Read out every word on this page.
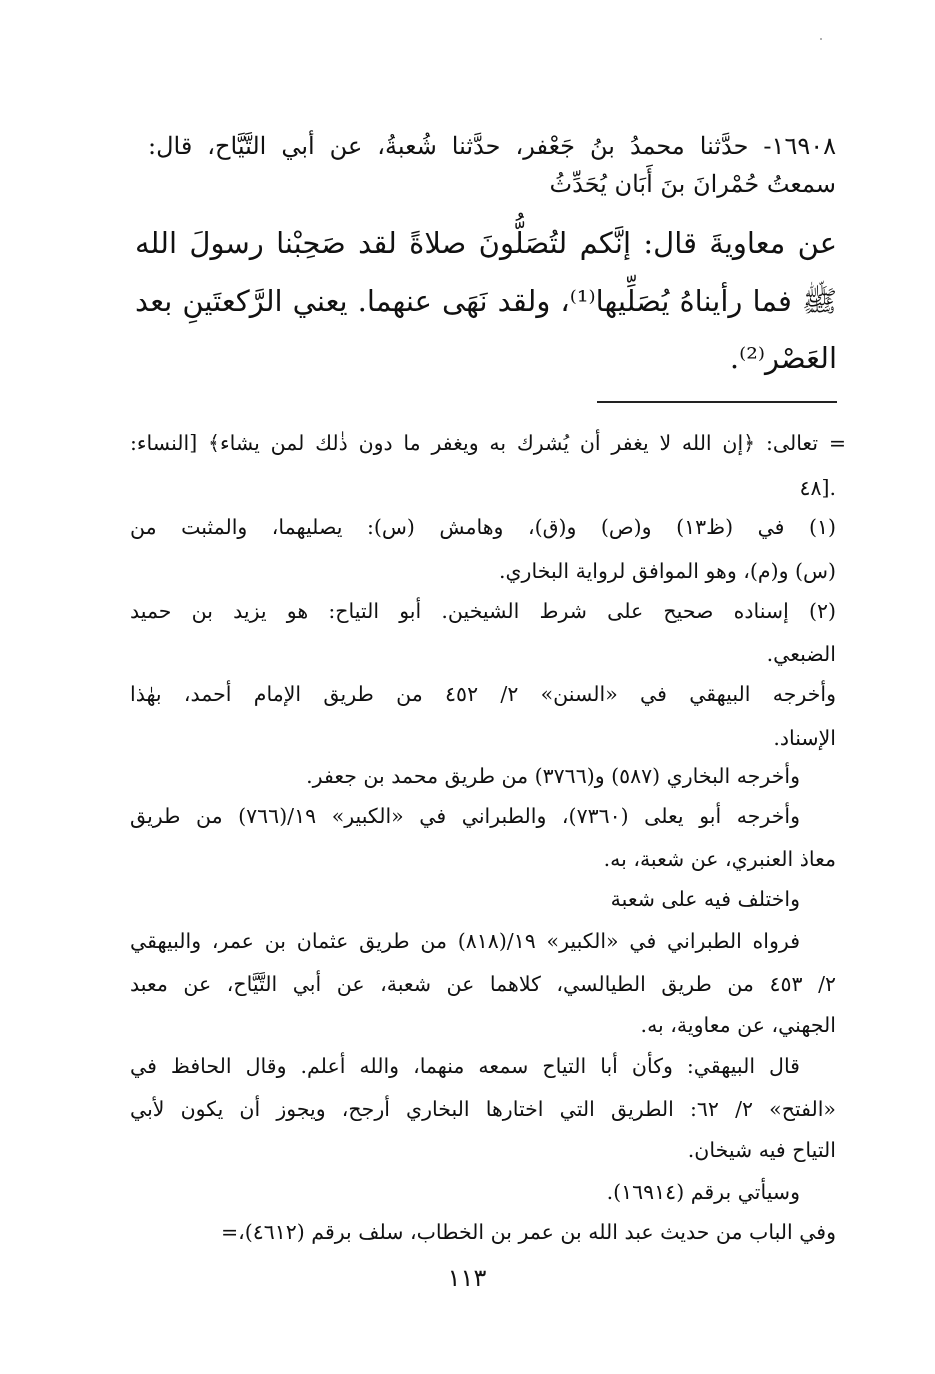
١٦٩٠٨- حدَّثنا محمدُ بنُ جَعْفر، حدَّثنا شُعبةُ، عن أبي التَّيَّاح، قال:
سمعتُ حُمْرانَ بنَ أَبَان يُحَدِّثُ
عن معاويةَ قال: إنَّكم لتُصَلُّونَ صلاةً لقد صَحِبْنا رسولَ الله
ﷺ فما رأيناهُ يُصَلِّيها⁽¹⁾، ولقد نَهَى عنهما. يعني الرَّكعتَينِ بعد
العَصْر⁽²⁾.
= تعالى: ﴿إن الله لا يغفر أن يُشرك به ويغفر ما دون ذٰلك لمن يشاء﴾ [النساء:
٤٨].
(١) في (ظ١٣) و(ص) و(ق)، وهامش (س): يصليهما، والمثبت من
(س) و(م)، وهو الموافق لرواية البخاري.
(٢) إسناده صحيح على شرط الشيخين. أبو التياح: هو يزيد بن حميد
الضبعي.
وأخرجه البيهقي في «السنن» ٢/ ٤٥٢ من طريق الإمام أحمد، بهٰذا
الإسناد.
وأخرجه البخاري (٥٨٧) و(٣٧٦٦) من طريق محمد بن جعفر.
وأخرجه أبو يعلى (٧٣٦٠)، والطبراني في «الكبير» ١٩/(٧٦٦) من طريق
معاذ العنبري، عن شعبة، به.
واختلف فيه على شعبة
فرواه الطبراني في «الكبير» ١٩/(٨١٨) من طريق عثمان بن عمر، والبيهقي
٢/ ٤٥٣ من طريق الطيالسي، كلاهما عن شعبة، عن أبي التَّيَّاح، عن معبد
الجهني، عن معاوية، به.
قال البيهقي: وكأن أبا التياح سمعه منهما، والله أعلم. وقال الحافظ في
«الفتح» ٢/ ٦٢: الطريق التي اختارها البخاري أرجح، ويجوز أن يكون لأبي
التياح فيه شيخان.
وسيأتي برقم (١٦٩١٤).
وفي الباب من حديث عبد الله بن عمر بن الخطاب، سلف برقم (٤٦١٢)،=
١١٣
